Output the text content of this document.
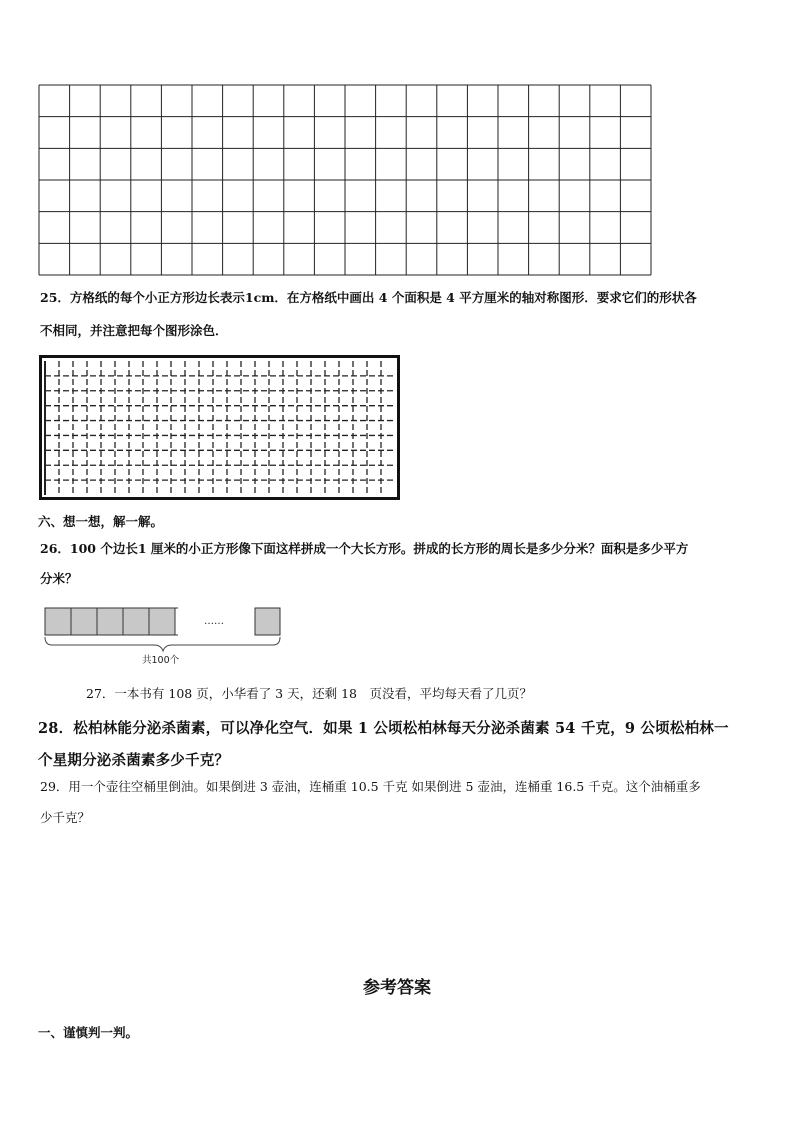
25．方格纸的每个小正方形边长表示1cm．在方格纸中画出 4 个面积是 4 平方厘米的轴对称图形．要求它们的形状各
不相同，并注意把每个图形涂色．
六、想一想，解一解。
26．100 个边长1 厘米的小正方形像下面这样拼成一个大长方形。拼成的长方形的周长是多少分米？面积是多少平方
分米？
……
共100个
27．一本书有 108 页，小华看了 3 天，还剩 18　页没看，平均每天看了几页？
28．松柏林能分泌杀菌素，可以净化空气．如果 1 公顷松柏林每天分泌杀菌素 54 千克，9 公顷松柏林一
个星期分泌杀菌素多少千克？
29．用一个壶往空桶里倒油。如果倒进 3 壶油，连桶重 10.5 千克 如果倒进 5 壶油，连桶重 16.5 千克。这个油桶重多
少千克？
参考答案
一、谨慎判一判。
